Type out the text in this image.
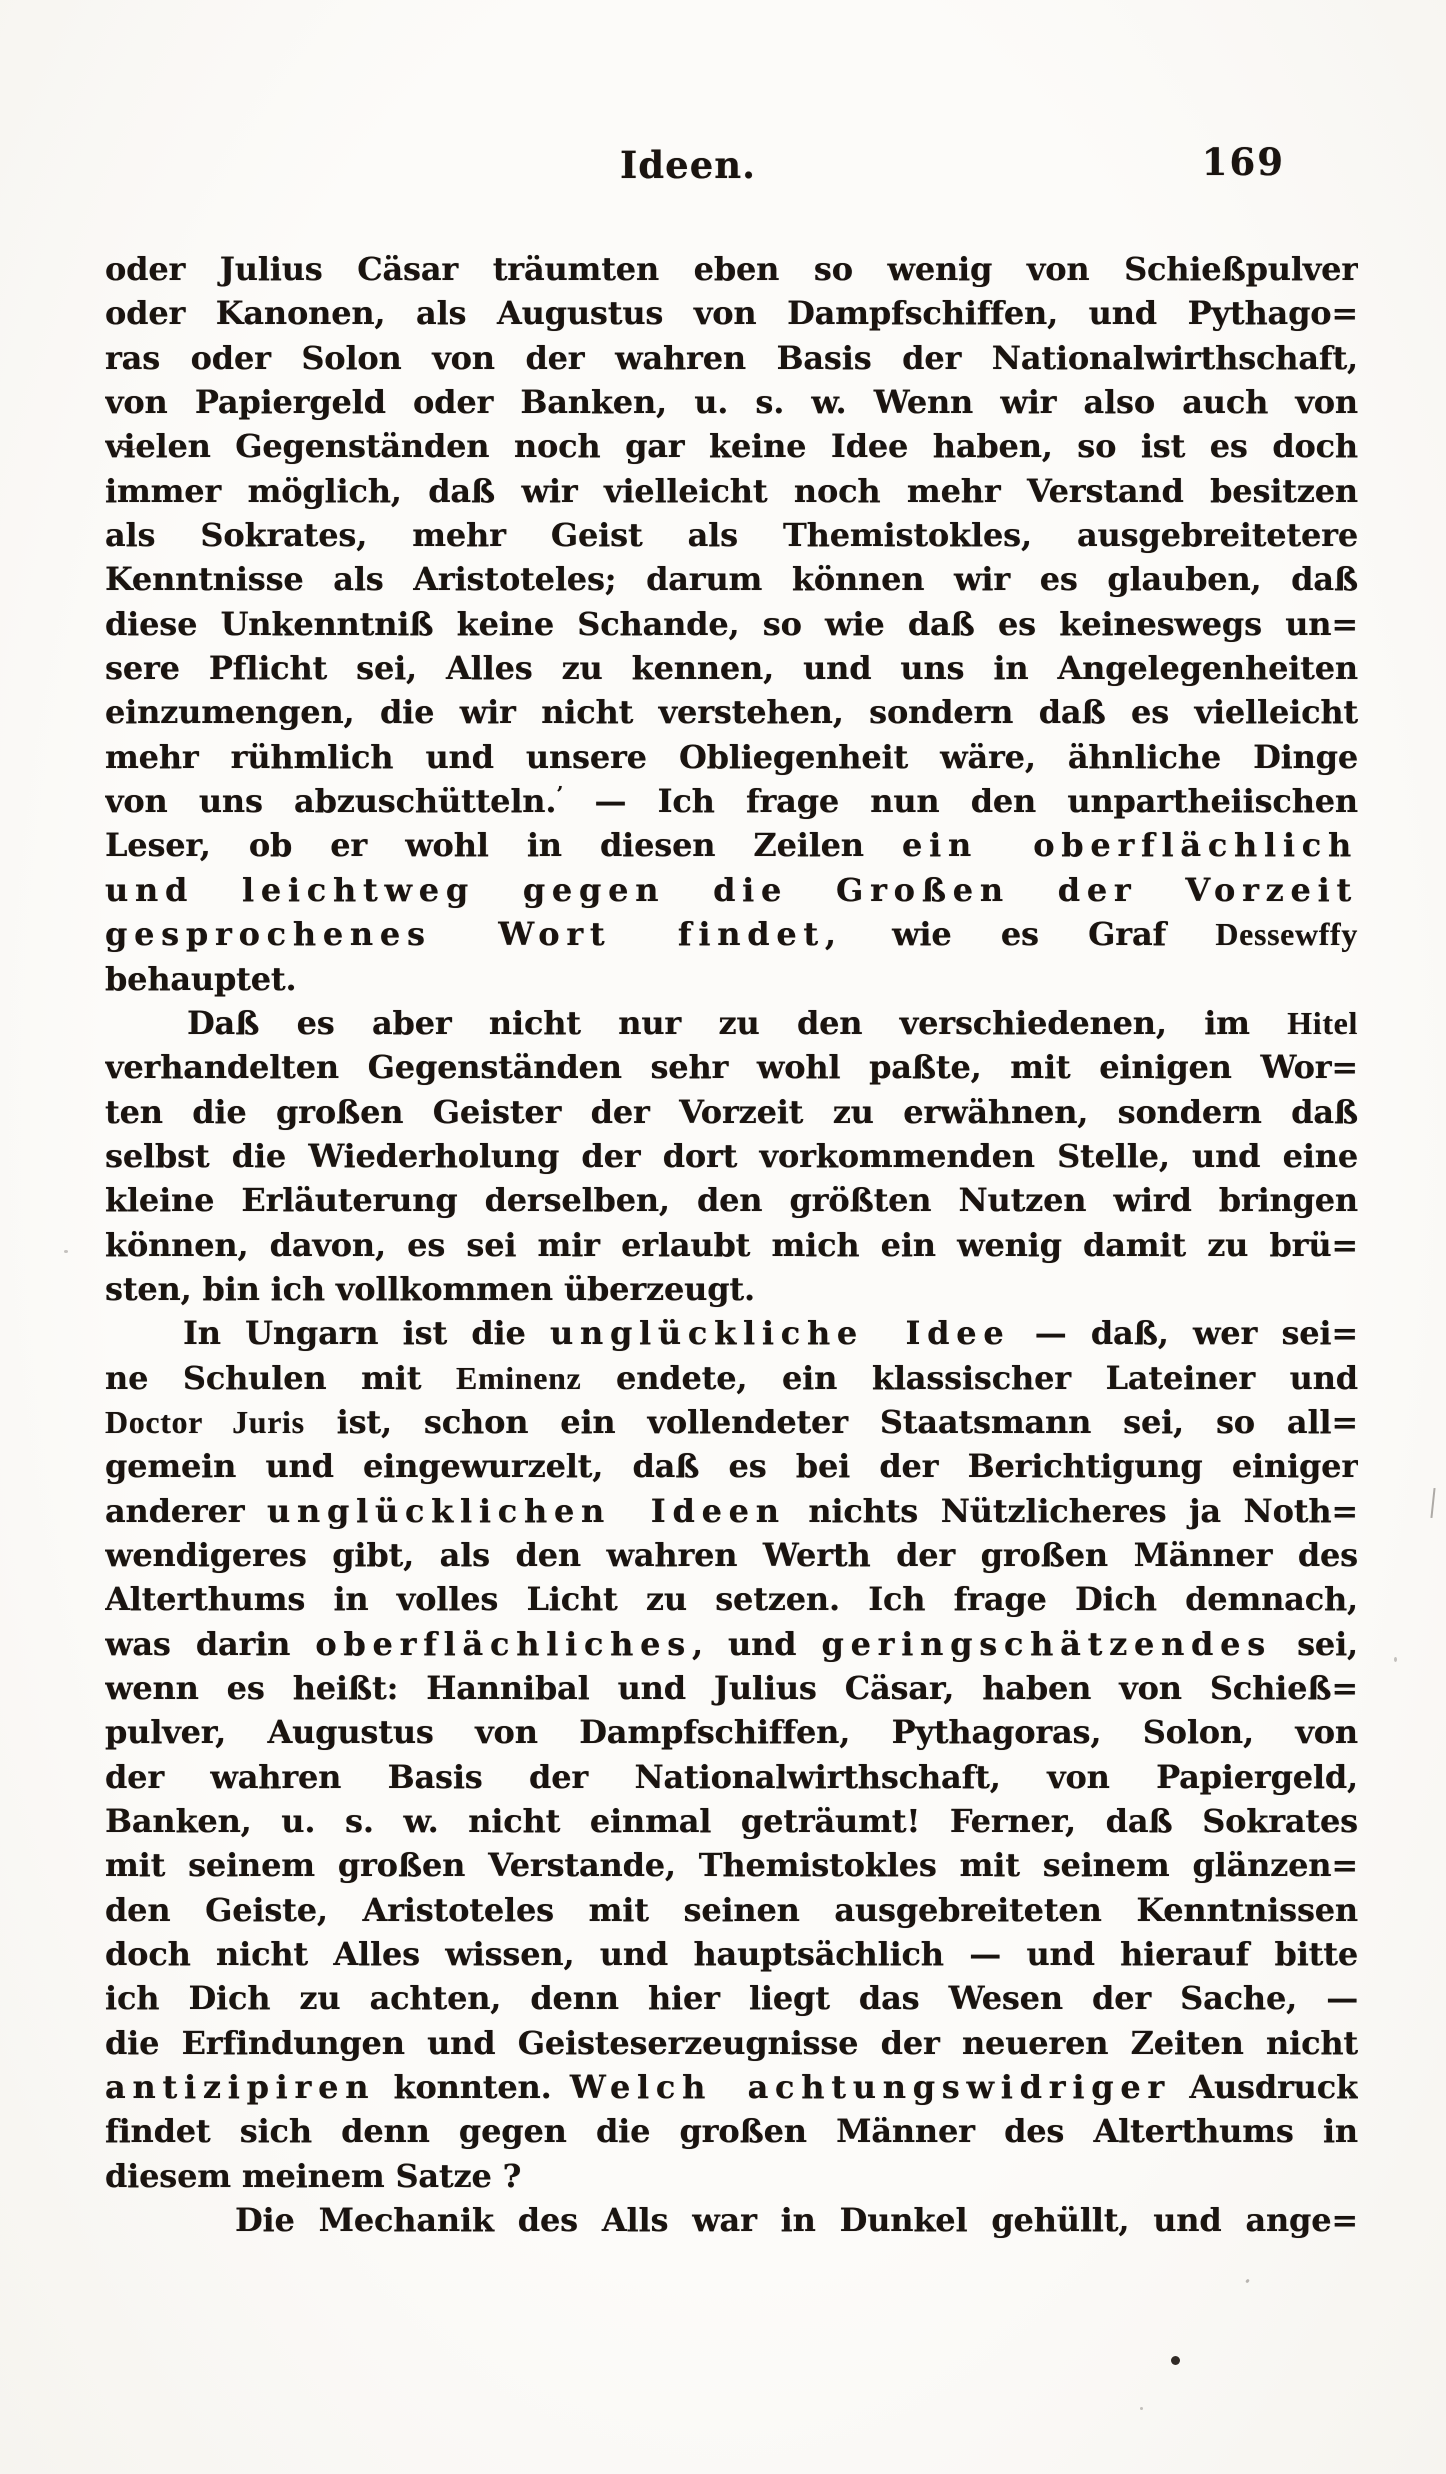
Ideen.	169
oder Julius Cäsar träumten eben so wenig von Schießpulver
oder Kanonen, als Augustus von Dampfschiffen, und Pythago=
ras oder Solon von der wahren Basis der Nationalwirthschaft,
von Papiergeld oder Banken, u. s. w. Wenn wir also auch von
vielen Gegenständen noch gar keine Idee haben, so ist es doch
immer möglich, daß wir vielleicht noch mehr Verstand besitzen
als Sokrates, mehr Geist als Themistokles, ausgebreitetere
Kenntnisse als Aristoteles; darum können wir es glauben, daß
diese Unkenntniß keine Schande, so wie daß es keineswegs un=
sere Pflicht sei, Alles zu kennen, und uns in Angelegenheiten
einzumengen, die wir nicht verstehen, sondern daß es vielleicht
mehr rühmlich und unsere Obliegenheit wäre, ähnliche Dinge
von uns abzuschütteln.’ — Ich frage nun den unpartheiischen
Leser, ob er wohl in diesen Zeilen ein oberflächlich
und leichtweg gegen die Großen der Vorzeit
gesprochenes Wort findet, wie es Graf Dessewffy
behauptet.
Daß es aber nicht nur zu den verschiedenen, im Hitel
verhandelten Gegenständen sehr wohl paßte, mit einigen Wor=
ten die großen Geister der Vorzeit zu erwähnen, sondern daß
selbst die Wiederholung der dort vorkommenden Stelle, und eine
kleine Erläuterung derselben, den größten Nutzen wird bringen
können, davon, es sei mir erlaubt mich ein wenig damit zu brü=
sten, bin ich vollkommen überzeugt.
In Ungarn ist die unglückliche Idee — daß, wer sei=
ne Schulen mit Eminenz endete, ein klassischer Lateiner und
Doctor Juris ist, schon ein vollendeter Staatsmann sei, so all=
gemein und eingewurzelt, daß es bei der Berichtigung einiger
anderer unglücklichen Ideen nichts Nützlicheres ja Noth=
wendigeres gibt, als den wahren Werth der großen Männer des
Alterthums in volles Licht zu setzen. Ich frage Dich demnach,
was darin oberflächliches, und geringschätzendes sei,
wenn es heißt: Hannibal und Julius Cäsar, haben von Schieß=
pulver, Augustus von Dampfschiffen, Pythagoras, Solon, von
der wahren Basis der Nationalwirthschaft, von Papiergeld,
Banken, u. s. w. nicht einmal geträumt! Ferner, daß Sokrates
mit seinem großen Verstande, Themistokles mit seinem glänzen=
den Geiste, Aristoteles mit seinen ausgebreiteten Kenntnissen
doch nicht Alles wissen, und hauptsächlich — und hierauf bitte
ich Dich zu achten, denn hier liegt das Wesen der Sache, —
die Erfindungen und Geisteserzeugnisse der neueren Zeiten nicht
antizipiren konnten. Welch achtungswidriger Ausdruck
findet sich denn gegen die großen Männer des Alterthums in
diesem meinem Satze ?
Die Mechanik des Alls war in Dunkel gehüllt, und ange=
